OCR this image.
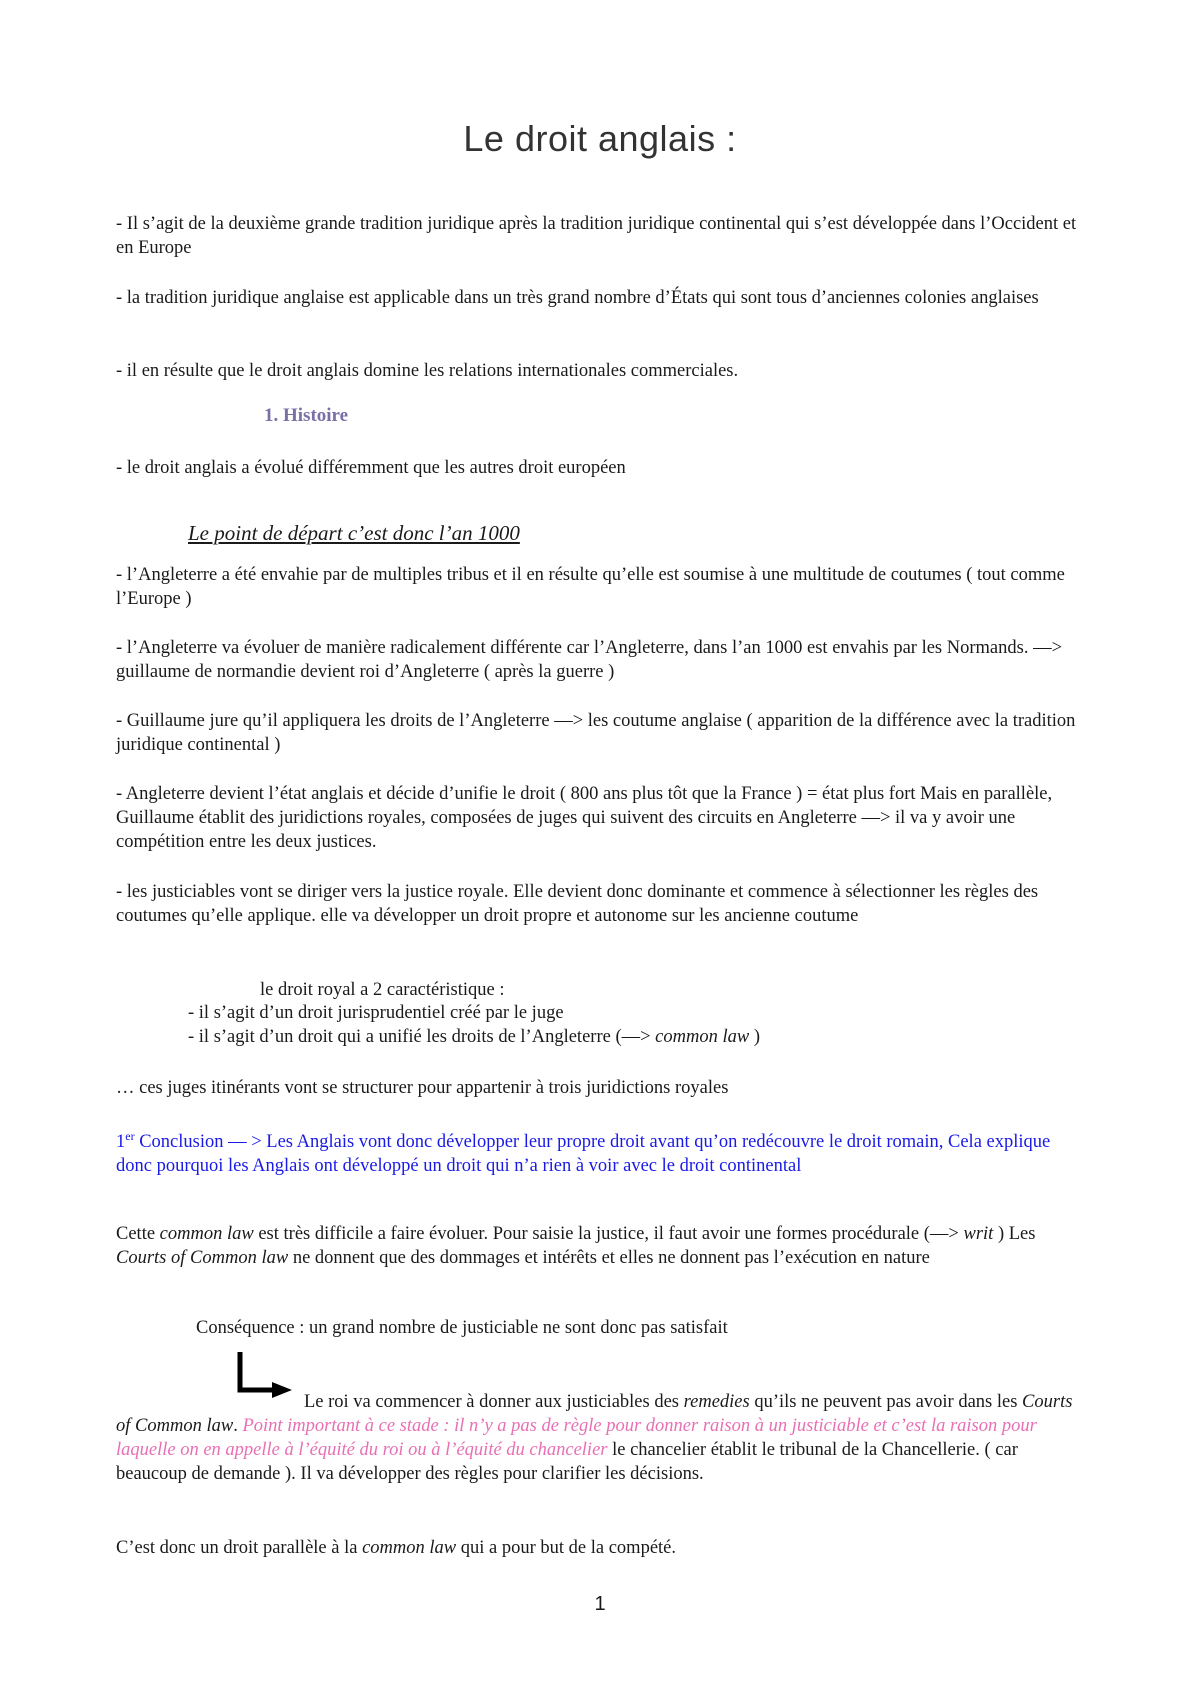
Le droit anglais :

- Il s’agit de la deuxième grande tradition juridique après la tradition juridique continental qui s’est développée dans l’Occident et en Europe

- la tradition juridique anglaise est applicable dans un très grand nombre d’États qui sont tous d’anciennes colonies anglaises

- il en résulte que le droit anglais domine les relations internationales commerciales.

1. Histoire

- le droit anglais a évolué différemment que les autres droit européen

Le point de départ c’est donc l’an 1000

- l’Angleterre a été envahie par de multiples tribus et il en résulte qu’elle est soumise à une multitude de coutumes ( tout comme l’Europe )

- l’Angleterre va évoluer de manière radicalement différente car l’Angleterre, dans l’an 1000 est envahis par les Normands. —> guillaume de normandie devient roi d’Angleterre ( après la guerre )

- Guillaume jure qu’il appliquera les droits de l’Angleterre —> les coutume anglaise ( apparition de la différence avec la tradition juridique continental )

- Angleterre devient l’état anglais et décide d’unifie le droit ( 800 ans plus tôt que la France ) = état plus fort Mais en parallèle, Guillaume établit des juridictions royales, composées de juges qui suivent des circuits en Angleterre —> il va y avoir une compétition entre les deux justices.

- les justiciables vont se diriger vers la justice royale. Elle devient donc dominante et commence à sélectionner les règles des coutumes qu’elle applique. elle va développer un droit propre et autonome sur les ancienne coutume

le droit royal a 2 caractéristique :
- il s’agit d’un droit jurisprudentiel créé par le juge
- il s’agit d’un droit qui a unifié les droits de l’Angleterre (—> common law )

… ces juges itinérants vont se structurer pour appartenir à trois juridictions royales

1er Conclusion — > Les Anglais vont donc développer leur propre droit avant qu’on redécouvre le droit romain, Cela explique donc pourquoi les Anglais ont développé un droit qui n’a rien à voir avec le droit continental

Cette common law est très difficile a faire évoluer. Pour saisie la justice, il faut avoir une formes procédurale (—> writ ) Les Courts of Common law ne donnent que des dommages et intérêts et elles ne donnent pas l’exécution en nature

Conséquence : un grand nombre de justiciable ne sont donc pas satisfait

Le roi va commencer à donner aux justiciables des remedies qu’ils ne peuvent pas avoir dans les Courts of Common law. Point important à ce stade : il n’y a pas de règle pour donner raison à un justiciable et c’est la raison pour laquelle on en appelle à l’équité du roi ou à l’équité du chancelier le chancelier établit le tribunal de la Chancellerie. ( car beaucoup de demande ). Il va développer des règles pour clarifier les décisions.

C’est donc un droit parallèle à la common law qui a pour but de la compété.

1
